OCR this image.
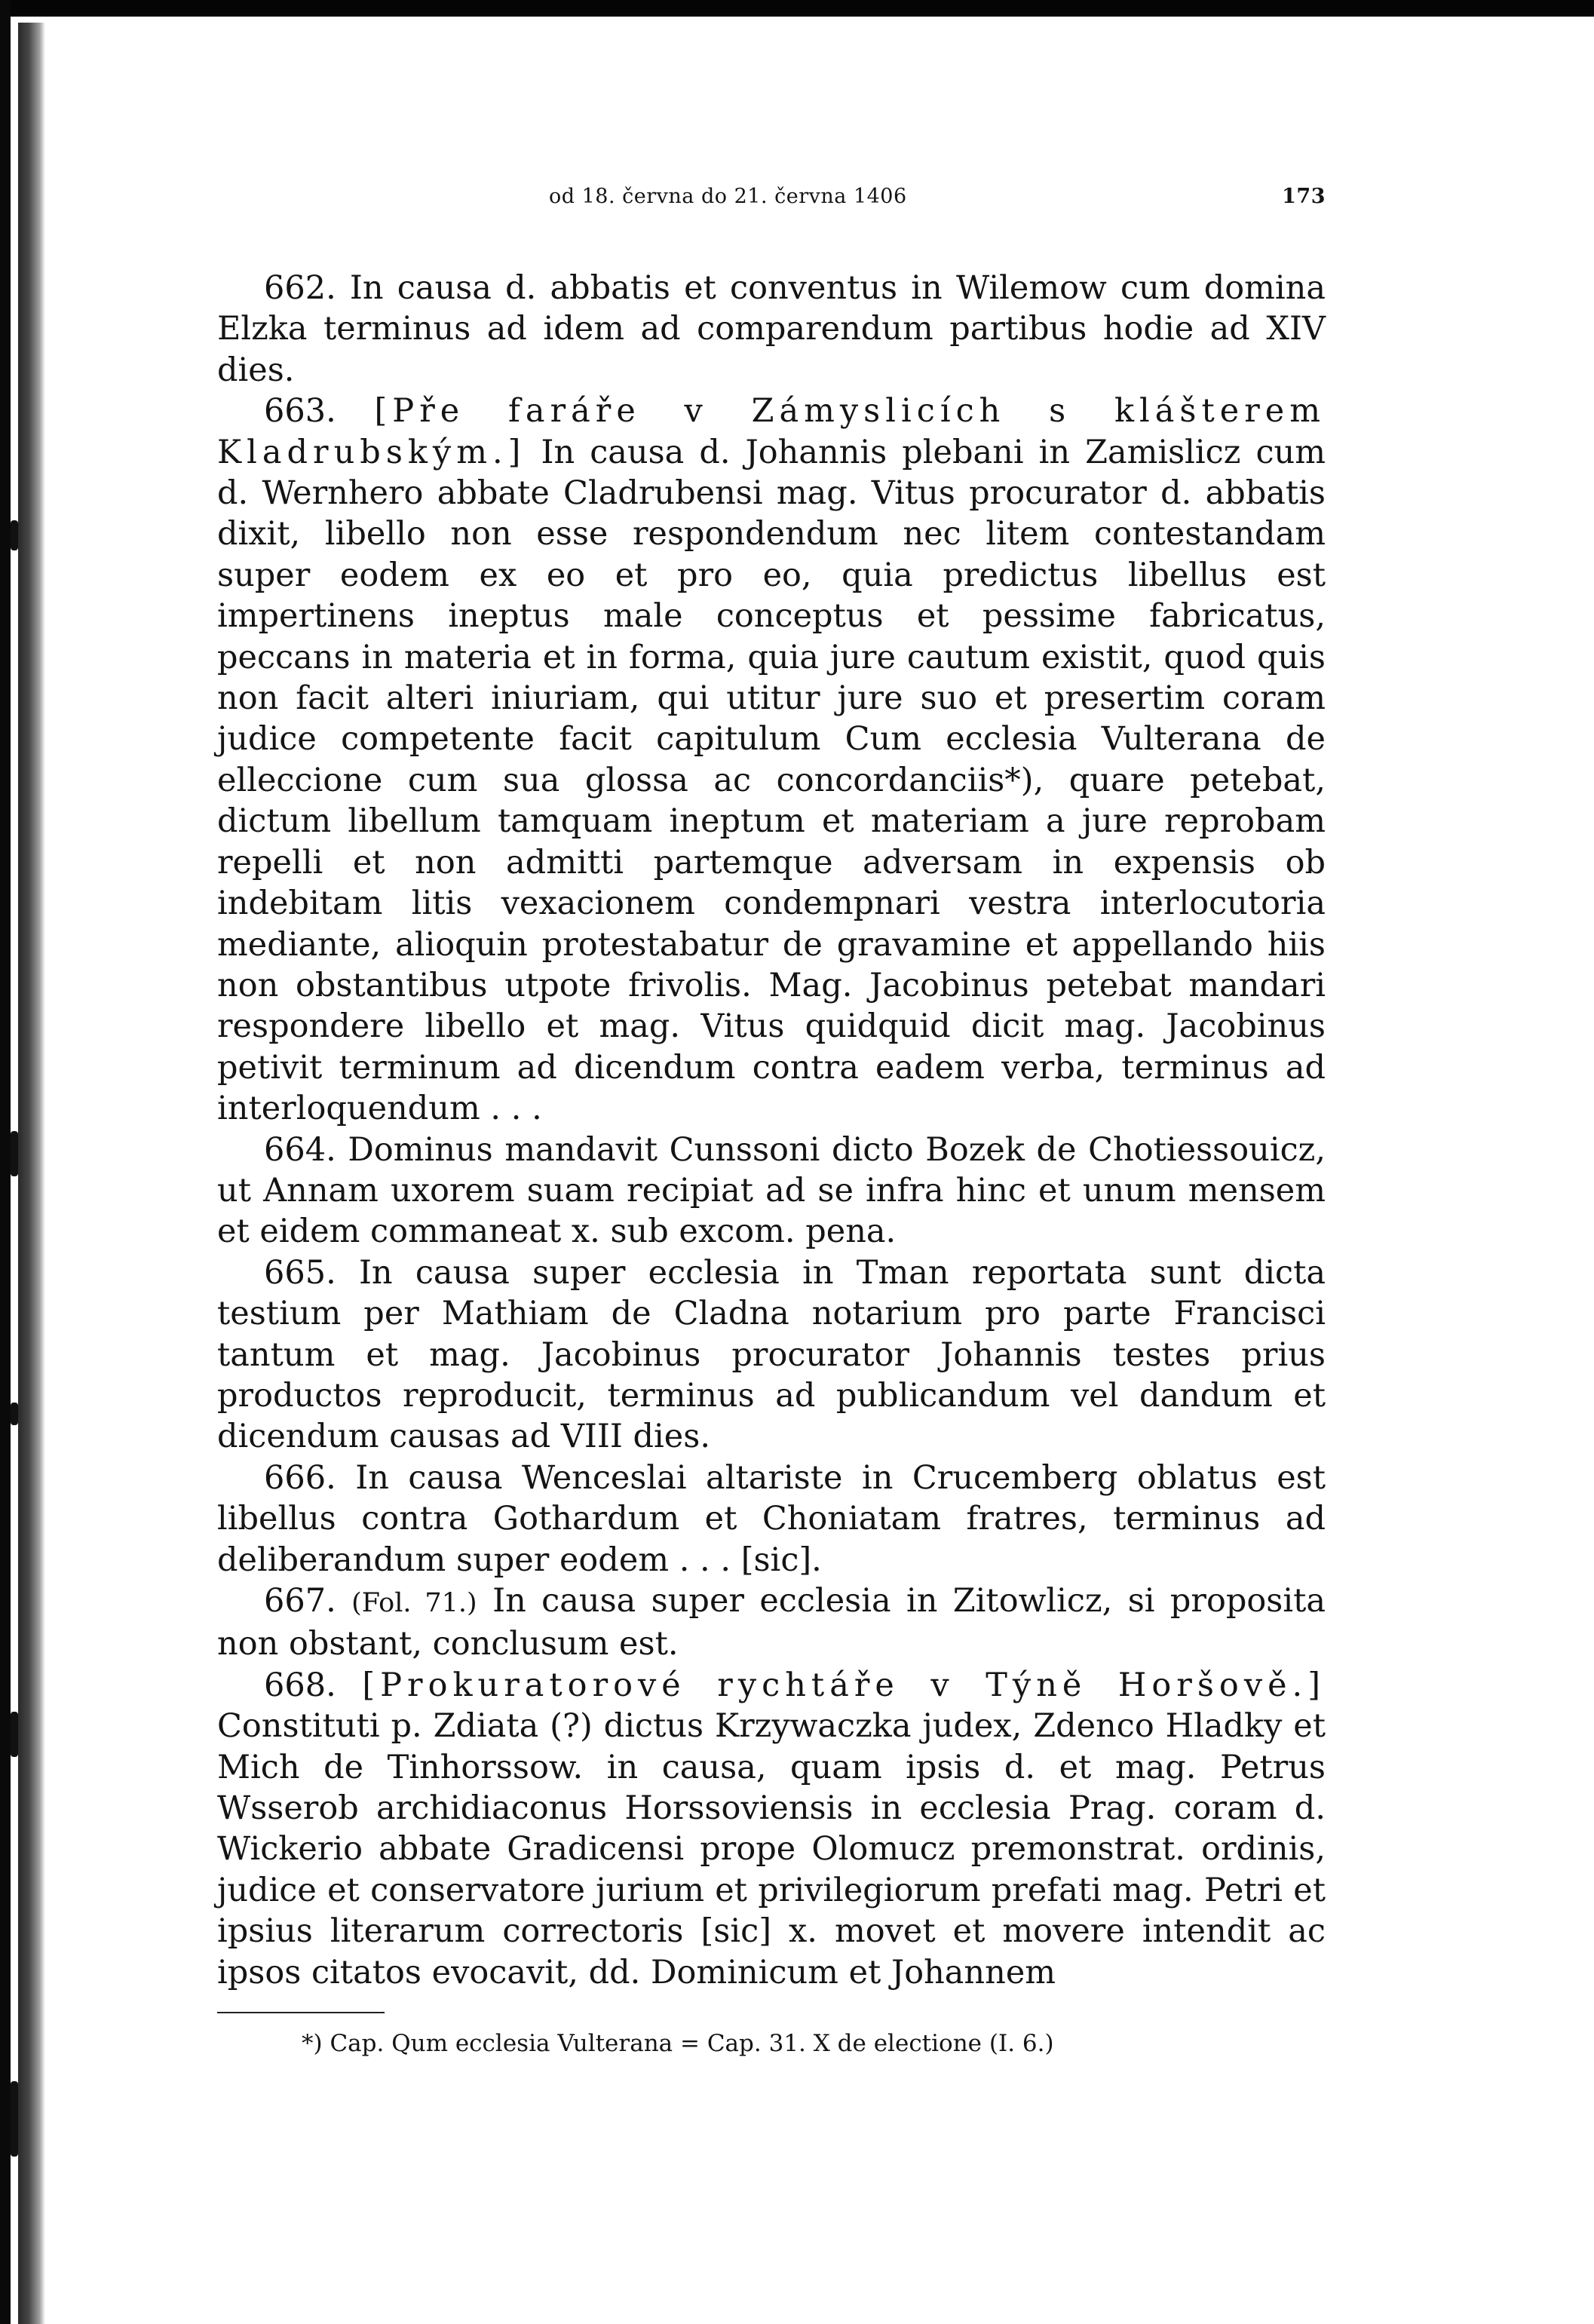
od 18. června do 21. června 1406	173

662. In causa d. abbatis et conventus in Wilemow cum domina Elzka terminus ad idem ad comparendum partibus hodie ad XIV dies.

663. [Pře faráře v Zámyslicích s klášterem Kladrubským.] In causa d. Johannis plebani in Zamislicz cum d. Wernhero abbate Cladrubensi mag. Vitus procurator d. abbatis dixit, libello non esse respondendum nec litem contestandam super eodem ex eo et pro eo, quia predictus libellus est impertinens ineptus male conceptus et pessime fabricatus, peccans in materia et in forma, quia jure cautum existit, quod quis non facit alteri iniuriam, qui utitur jure suo et presertim coram judice competente facit capitulum Cum ecclesia Vulterana de elleccione cum sua glossa ac concordanciis*), quare petebat, dictum libellum tamquam ineptum et materiam a jure reprobam repelli et non admitti partemque adversam in expensis ob indebitam litis vexacionem condempnari vestra interlocutoria mediante, alioquin protestabatur de gravamine et appellando hiis non obstantibus utpote frivolis. Mag. Jacobinus petebat mandari respondere libello et mag. Vitus quidquid dicit mag. Jacobinus petivit terminum ad dicendum contra eadem verba, terminus ad interloquendum . . .

664. Dominus mandavit Cunssoni dicto Bozek de Chotiessouicz, ut Annam uxorem suam recipiat ad se infra hinc et unum mensem et eidem commaneat x. sub excom. pena.

665. In causa super ecclesia in Tman reportata sunt dicta testium per Mathiam de Cladna notarium pro parte Francisci tantum et mag. Jacobinus procurator Johannis testes prius productos reproducit, terminus ad publicandum vel dandum et dicendum causas ad VIII dies.

666. In causa Wenceslai altariste in Crucemberg oblatus est libellus contra Gothardum et Choniatam fratres, terminus ad deliberandum super eodem . . . [sic].

667. (Fol. 71.) In causa super ecclesia in Zitowlicz, si proposita non obstant, conclusum est.

668. [Prokuratorové rychtáře v Týně Horšově.] Constituti p. Zdiata (?) dictus Krzywaczka judex, Zdenco Hladky et Mich de Tinhorssow. in causa, quam ipsis d. et mag. Petrus Wsserob archidiaconus Horssoviensis in ecclesia Prag. coram d. Wickerio abbate Gradicensi prope Olomucz premonstrat. ordinis, judice et conservatore jurium et privilegiorum prefati mag. Petri et ipsius literarum correctoris [sic] x. movet et movere intendit ac ipsos citatos evocavit, dd. Dominicum et Johannem

*) Cap. Qum ecclesia Vulterana = Cap. 31. X de electione (I. 6.)
